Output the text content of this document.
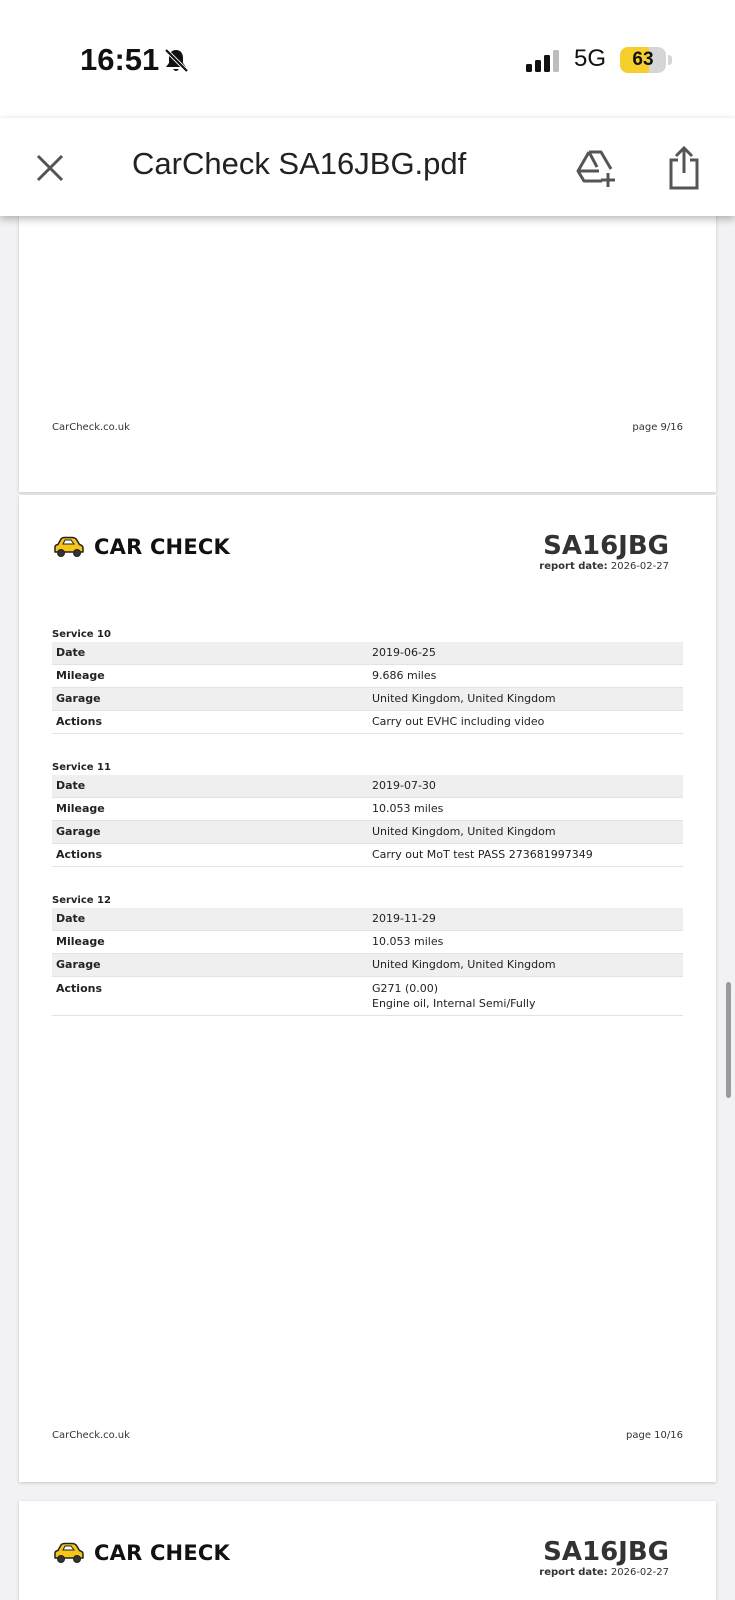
16:51	5G	63
CarCheck SA16JBG.pdf
CarCheck.co.uk	page 9/16
CAR CHECK	SA16JBG
report date: 2026-02-27
Service 10
Date	2019-06-25
Mileage	9.686 miles
Garage	United Kingdom, United Kingdom
Actions	Carry out EVHC including video
Service 11
Date	2019-07-30
Mileage	10.053 miles
Garage	United Kingdom, United Kingdom
Actions	Carry out MoT test PASS 273681997349
Service 12
Date	2019-11-29
Mileage	10.053 miles
Garage	United Kingdom, United Kingdom
Actions	G271 (0.00)
Engine oil, Internal Semi/Fully
CarCheck.co.uk	page 10/16
CAR CHECK	SA16JBG
report date: 2026-02-27
